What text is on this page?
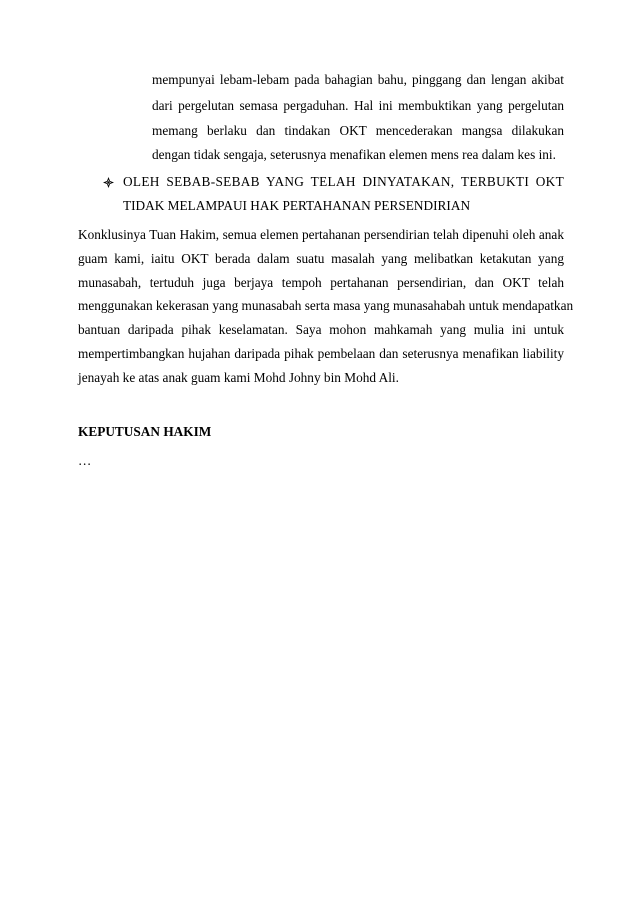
mempunyai lebam-lebam pada bahagian bahu, pinggang dan lengan akibat
dari pergelutan semasa pergaduhan. Hal ini membuktikan yang pergelutan
memang berlaku dan tindakan OKT mencederakan mangsa dilakukan
dengan tidak sengaja, seterusnya menafikan elemen mens rea dalam kes ini.
OLEH SEBAB-SEBAB YANG TELAH DINYATAKAN, TERBUKTI OKT
TIDAK MELAMPAUI HAK PERTAHANAN PERSENDIRIAN
Konklusinya Tuan Hakim, semua elemen pertahanan persendirian telah dipenuhi oleh anak
guam kami, iaitu OKT berada dalam suatu masalah yang melibatkan ketakutan yang
munasabah, tertuduh juga berjaya tempoh pertahanan persendirian, dan OKT telah
menggunakan kekerasan yang munasabah serta masa yang munasahabah untuk mendapatkan
bantuan daripada pihak keselamatan. Saya mohon mahkamah yang mulia ini untuk
mempertimbangkan hujahan daripada pihak pembelaan dan seterusnya menafikan liability
jenayah ke atas anak guam kami Mohd Johny bin Mohd Ali.
KEPUTUSAN HAKIM
…
